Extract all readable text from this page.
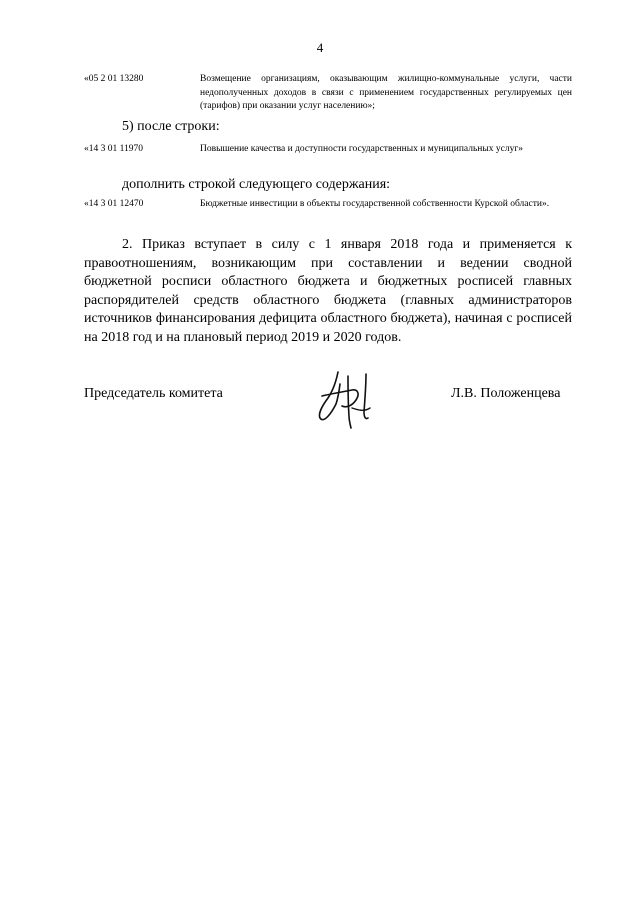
4
«05 2 01 13280	Возмещение организациям, оказывающим жилищно-коммунальные услуги, части недополученных доходов в связи с применением государственных регулируемых цен (тарифов) при оказании услуг населению»;
5) после строки:
«14 3 01 11970	Повышение качества и доступности государственных и муниципальных услуг»
дополнить строкой следующего содержания:
«14 3 01 12470	Бюджетные инвестиции в объекты государственной собственности Курской области».
2. Приказ вступает в силу с 1 января 2018 года и применяется к правоотношениям, возникающим при составлении и ведении сводной бюджетной росписи областного бюджета и бюджетных росписей главных распорядителей средств областного бюджета (главных администраторов источников финансирования дефицита областного бюджета), начиная с росписей на 2018 год и на плановый период 2019 и 2020 годов.
Председатель комитета	Л.В. Положенцева
